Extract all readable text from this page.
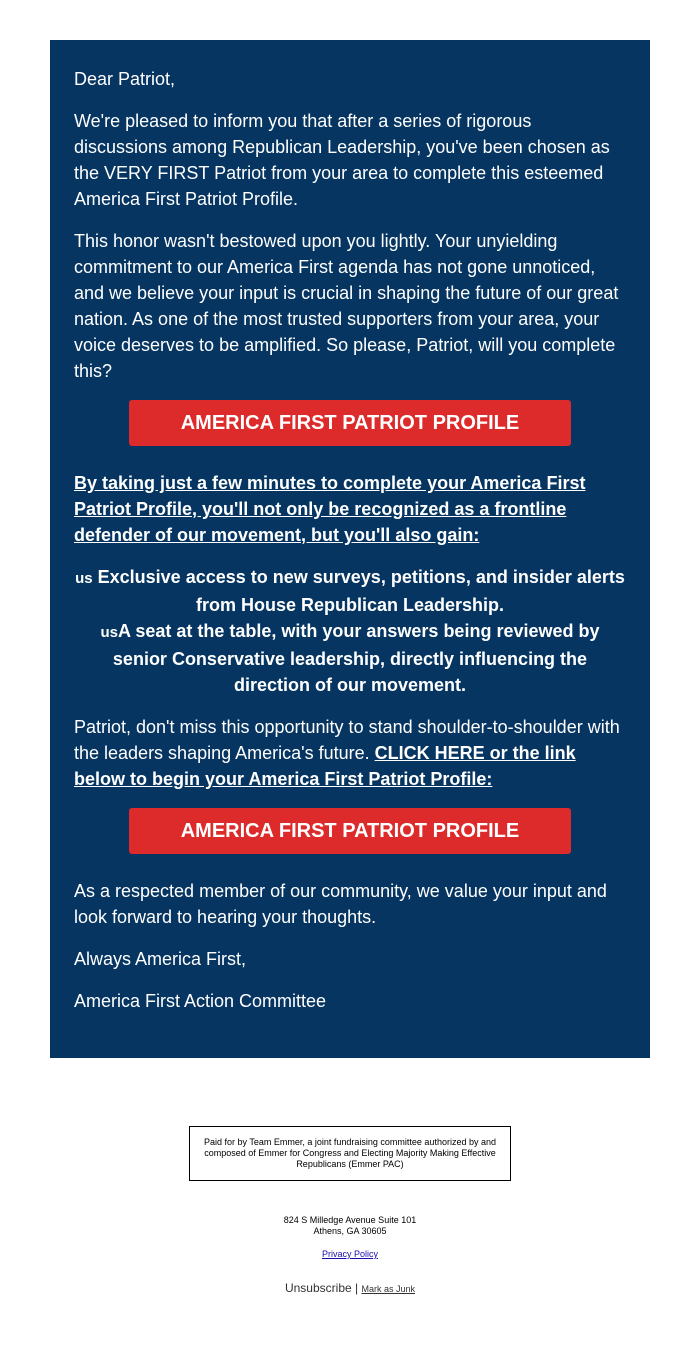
Dear Patriot,

We're pleased to inform you that after a series of rigorous discussions among Republican Leadership, you've been chosen as the VERY FIRST Patriot from your area to complete this esteemed America First Patriot Profile.

This honor wasn't bestowed upon you lightly. Your unyielding commitment to our America First agenda has not gone unnoticed, and we believe your input is crucial in shaping the future of our great nation. As one of the most trusted supporters from your area, your voice deserves to be amplified. So please, Patriot, will you complete this?

AMERICA FIRST PATRIOT PROFILE

By taking just a few minutes to complete your America First Patriot Profile, you'll not only be recognized as a frontline defender of our movement, but you'll also gain:

us Exclusive access to new surveys, petitions, and insider alerts from House Republican Leadership.
usA seat at the table, with your answers being reviewed by senior Conservative leadership, directly influencing the direction of our movement.

Patriot, don't miss this opportunity to stand shoulder-to-shoulder with the leaders shaping America's future. CLICK HERE or the link below to begin your America First Patriot Profile:

AMERICA FIRST PATRIOT PROFILE

As a respected member of our community, we value your input and look forward to hearing your thoughts.

Always America First,

America First Action Committee

Paid for by Team Emmer, a joint fundraising committee authorized by and composed of Emmer for Congress and Electing Majority Making Effective Republicans (Emmer PAC)
824 S Milledge Avenue Suite 101
Athens, GA 30605
Privacy Policy
Unsubscribe | Mark as Junk
